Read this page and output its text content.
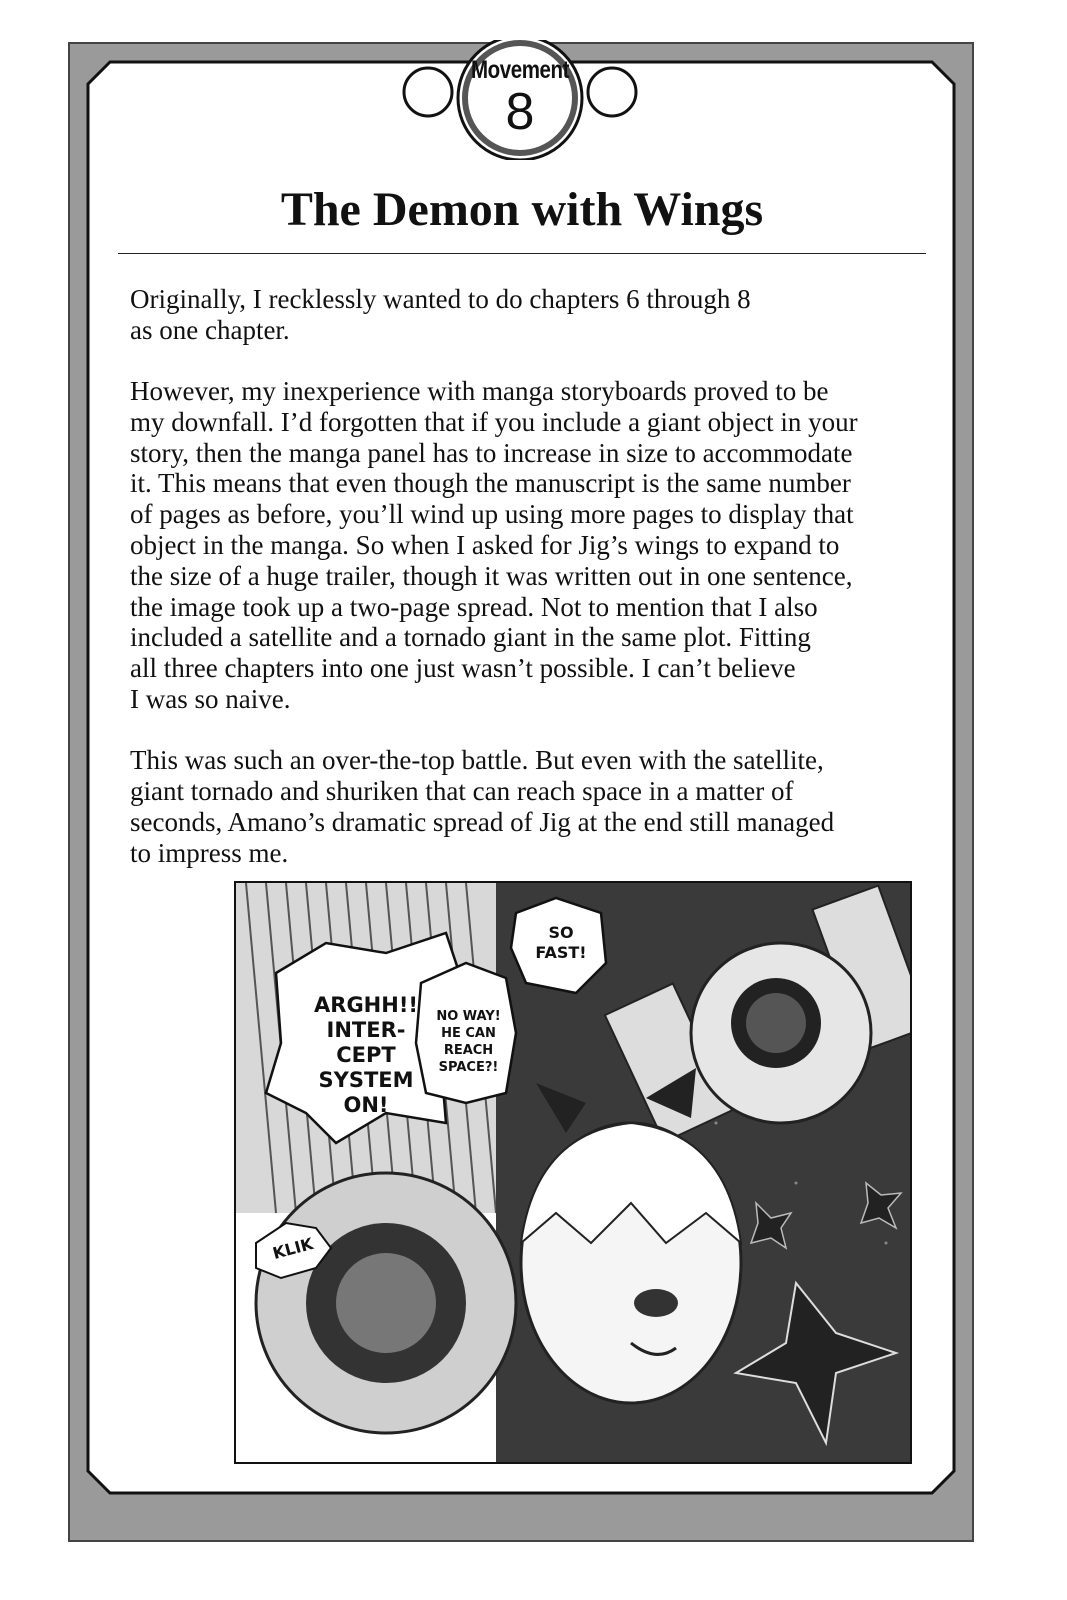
Movement
8
The Demon with Wings

Originally, I recklessly wanted to do chapters 6 through 8
as one chapter.

However, my inexperience with manga storyboards proved to be
my downfall. I’d forgotten that if you include a giant object in your
story, then the manga panel has to increase in size to accommodate
it. This means that even though the manuscript is the same number
of pages as before, you’ll wind up using more pages to display that
object in the manga. So when I asked for Jig’s wings to expand to
the size of a huge trailer, though it was written out in one sentence,
the image took up a two-page spread. Not to mention that I also
included a satellite and a tornado giant in the same plot. Fitting
all three chapters into one just wasn’t possible. I can’t believe
I was so naive.

This was such an over-the-top battle. But even with the satellite,
giant tornado and shuriken that can reach space in a matter of
seconds, Amano’s dramatic spread of Jig at the end still managed
to impress me.

ARGHH!!
INTER-
CEPT
SYSTEM
ON!
NO WAY!
HE CAN
REACH
SPACE?!
SO
FAST!
KLIK
